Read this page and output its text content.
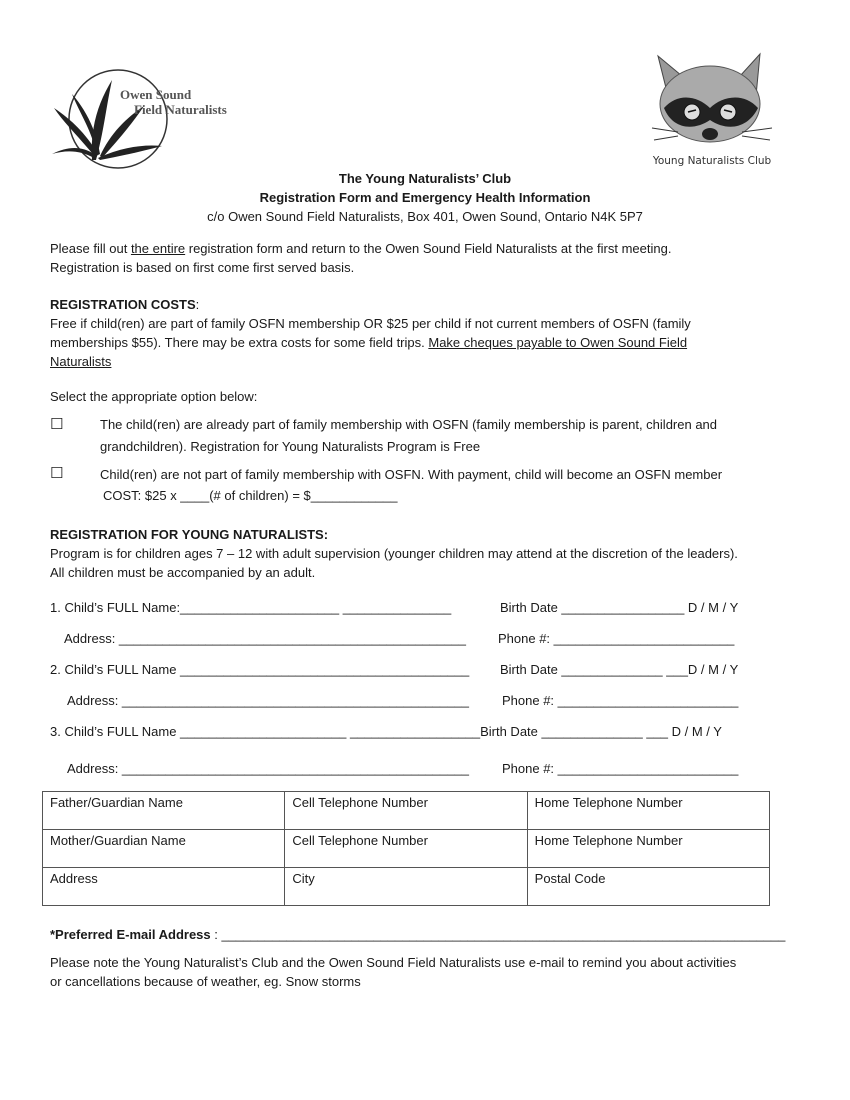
Owen Sound
Field Naturalists
Young Naturalists Club
The Young Naturalists’ Club
Registration Form and Emergency Health Information
c/o Owen Sound Field Naturalists, Box 401, Owen Sound, Ontario N4K 5P7
Please fill out the entire registration form and return to the Owen Sound Field Naturalists at the first meeting.
Registration is based on first come first served basis.
REGISTRATION COSTS:
Free if child(ren) are part of family OSFN membership OR $25 per child if not current members of OSFN (family
memberships $55). There may be extra costs for some field trips. Make cheques payable to Owen Sound Field
Naturalists
Select the appropriate option below:
☐	The child(ren) are already part of family membership with OSFN (family membership is parent, children and
grandchildren). Registration for Young Naturalists Program is Free
☐	Child(ren) are not part of family membership with OSFN. With payment, child will become an OSFN member
COST: $25 x ____(# of children) = $____________
REGISTRATION FOR YOUNG NATURALISTS:
Program is for children ages 7 – 12 with adult supervision (younger children may attend at the discretion of the leaders).
All children must be accompanied by an adult.
1. Child’s FULL Name:______________________ _______________	Birth Date _________________ D / M / Y
Address: ________________________________________________ Phone #: _________________________
2. Child’s FULL Name ________________________________________ Birth Date ______________ ___D / M / Y
Address: ________________________________________________	Phone #: _________________________
3. Child’s FULL Name _______________________ __________________Birth Date ______________ ___ D / M / Y
Address: ________________________________________________	Phone #: _________________________
Father/Guardian Name	Cell Telephone Number	Home Telephone Number
Mother/Guardian Name	Cell Telephone Number	Home Telephone Number
Address	City	Postal Code
*Preferred E-mail Address : ______________________________________________________________________________
Please note the Young Naturalist’s Club and the Owen Sound Field Naturalists use e-mail to remind you about activities
or cancellations because of weather, eg. Snow storms
